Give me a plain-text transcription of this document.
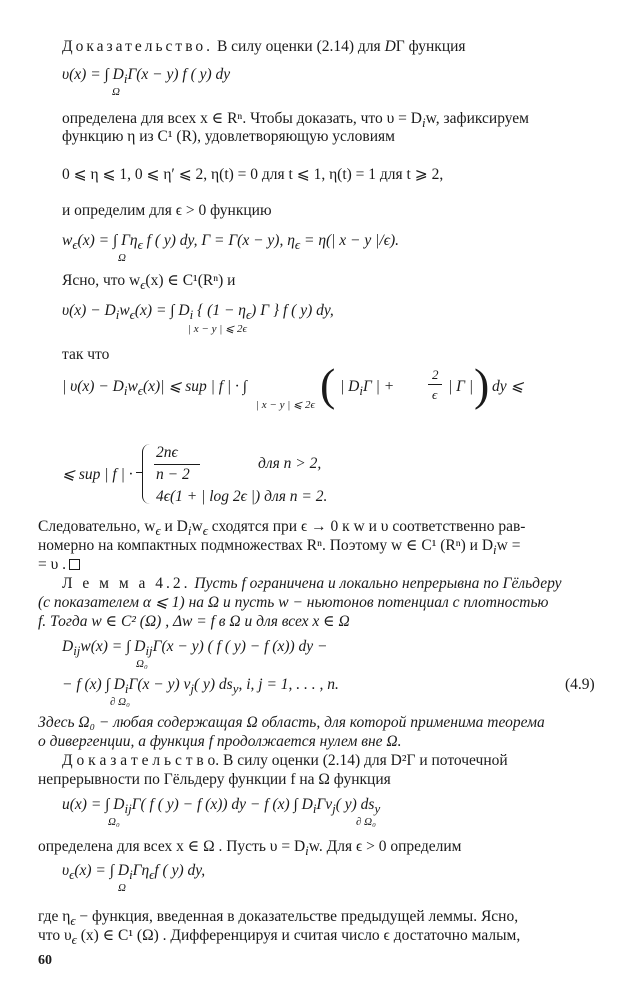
Доказательство. В силу оценки (2.14) для DΓ функция
υ(x) = ∫ $D_i\Gamma(x - y)$ f ( y) dy
Ω
определена для всех x ∈ Rⁿ. Чтобы доказать, что $\upsilon = D_iw$, зафиксируем
функцию η из C¹ (R), удовлетворяющую условиям
0 ⩽ η ⩽ 1, 0 ⩽ η′ ⩽ 2, η(t) = 0 для t ⩽ 1, η(t) = 1 для t ⩾ 2,
и определим для ϵ > 0 функцию
$w_\epsilon(x)$ = ∫ $\Gamma\eta_\epsilon$ f ( y) dy, Γ = Γ(x − y), $\eta_\epsilon = \eta(|$ x − y |/ϵ).
Ω
Ясно, что $w_\epsilon(x)$ ∈ C¹(Rⁿ) и
$\upsilon(x) - D_iw_\epsilon(x)$ = ∫ $D_i$ { $(1 - \eta_\epsilon)$ Γ } f ( y) dy,
| x − y | ⩽ 2ϵ
так что
| $\upsilon(x) - D_iw_\epsilon(x)|$ ⩽ sup | f | · ∫ ( | $D_i\Gamma$ | +
2
ϵ | Γ | ) dy ⩽
| x − y | ⩽ 2ϵ
⩽ sup | f | ·
2nϵ
n − 2
для n > 2,
4ϵ(1 + | log 2ϵ |) для n = 2.
Следовательно, $w_\epsilon$ и $D_iw_\epsilon$ сходятся при ϵ → 0 к w и υ соответственно рав-
номерно на компактных подмножествах Rⁿ. Поэтому w ∈ C¹ (Rⁿ) и $D_iw$ =
= υ .
Л е м м а 4.2. Пусть f ограничена и локально непрерывна по Гёльдеру
(с показателем α ⩽ 1) на Ω и пусть w − ньютонов потенциал с плотностью
f. Тогда w ∈ C² (Ω) , Δw = f в Ω и для всех x ∈ Ω
$D_{ij}w(x)$ = ∫ $D_{ij}\Gamma(x - y)$ ( f ( y) − f (x)) dy −
Ω₀
− f (x) ∫ $D_i\Gamma(x - y)$ $\nu_j$( y) $ds_y$, i, j = 1, . . . , n.
∂ Ω₀
(4.9)
Здесь Ω₀ − любая содержащая Ω область, для которой применима теорема
о дивергенции, а функция f продолжается нулем вне Ω.
Д о к а з а т е л ь с т в о. В силу оценки (2.14) для D²Γ и поточечной
непрерывности по Гёльдеру функции f на Ω функция
u(x) = ∫ $D_{ij}\Gamma$( f ( y) − f (x)) dy − f (x) ∫ $D_i\Gamma\nu_j$( y) $ds_y$
Ω₀	∂ Ω₀
определена для всех x ∈ Ω . Пусть $\upsilon = D_iw$. Для ϵ > 0 определим
$\upsilon_\epsilon(x)$ = ∫ $D_i\Gamma\eta_\epsilon f$ ( y) dy,
Ω
где $\eta_\epsilon$ − функция, введенная в доказательстве предыдущей леммы. Ясно,
что $\upsilon_\epsilon$ (x) ∈ C¹ (Ω) . Дифференцируя и считая число ϵ достаточно малым,
60
